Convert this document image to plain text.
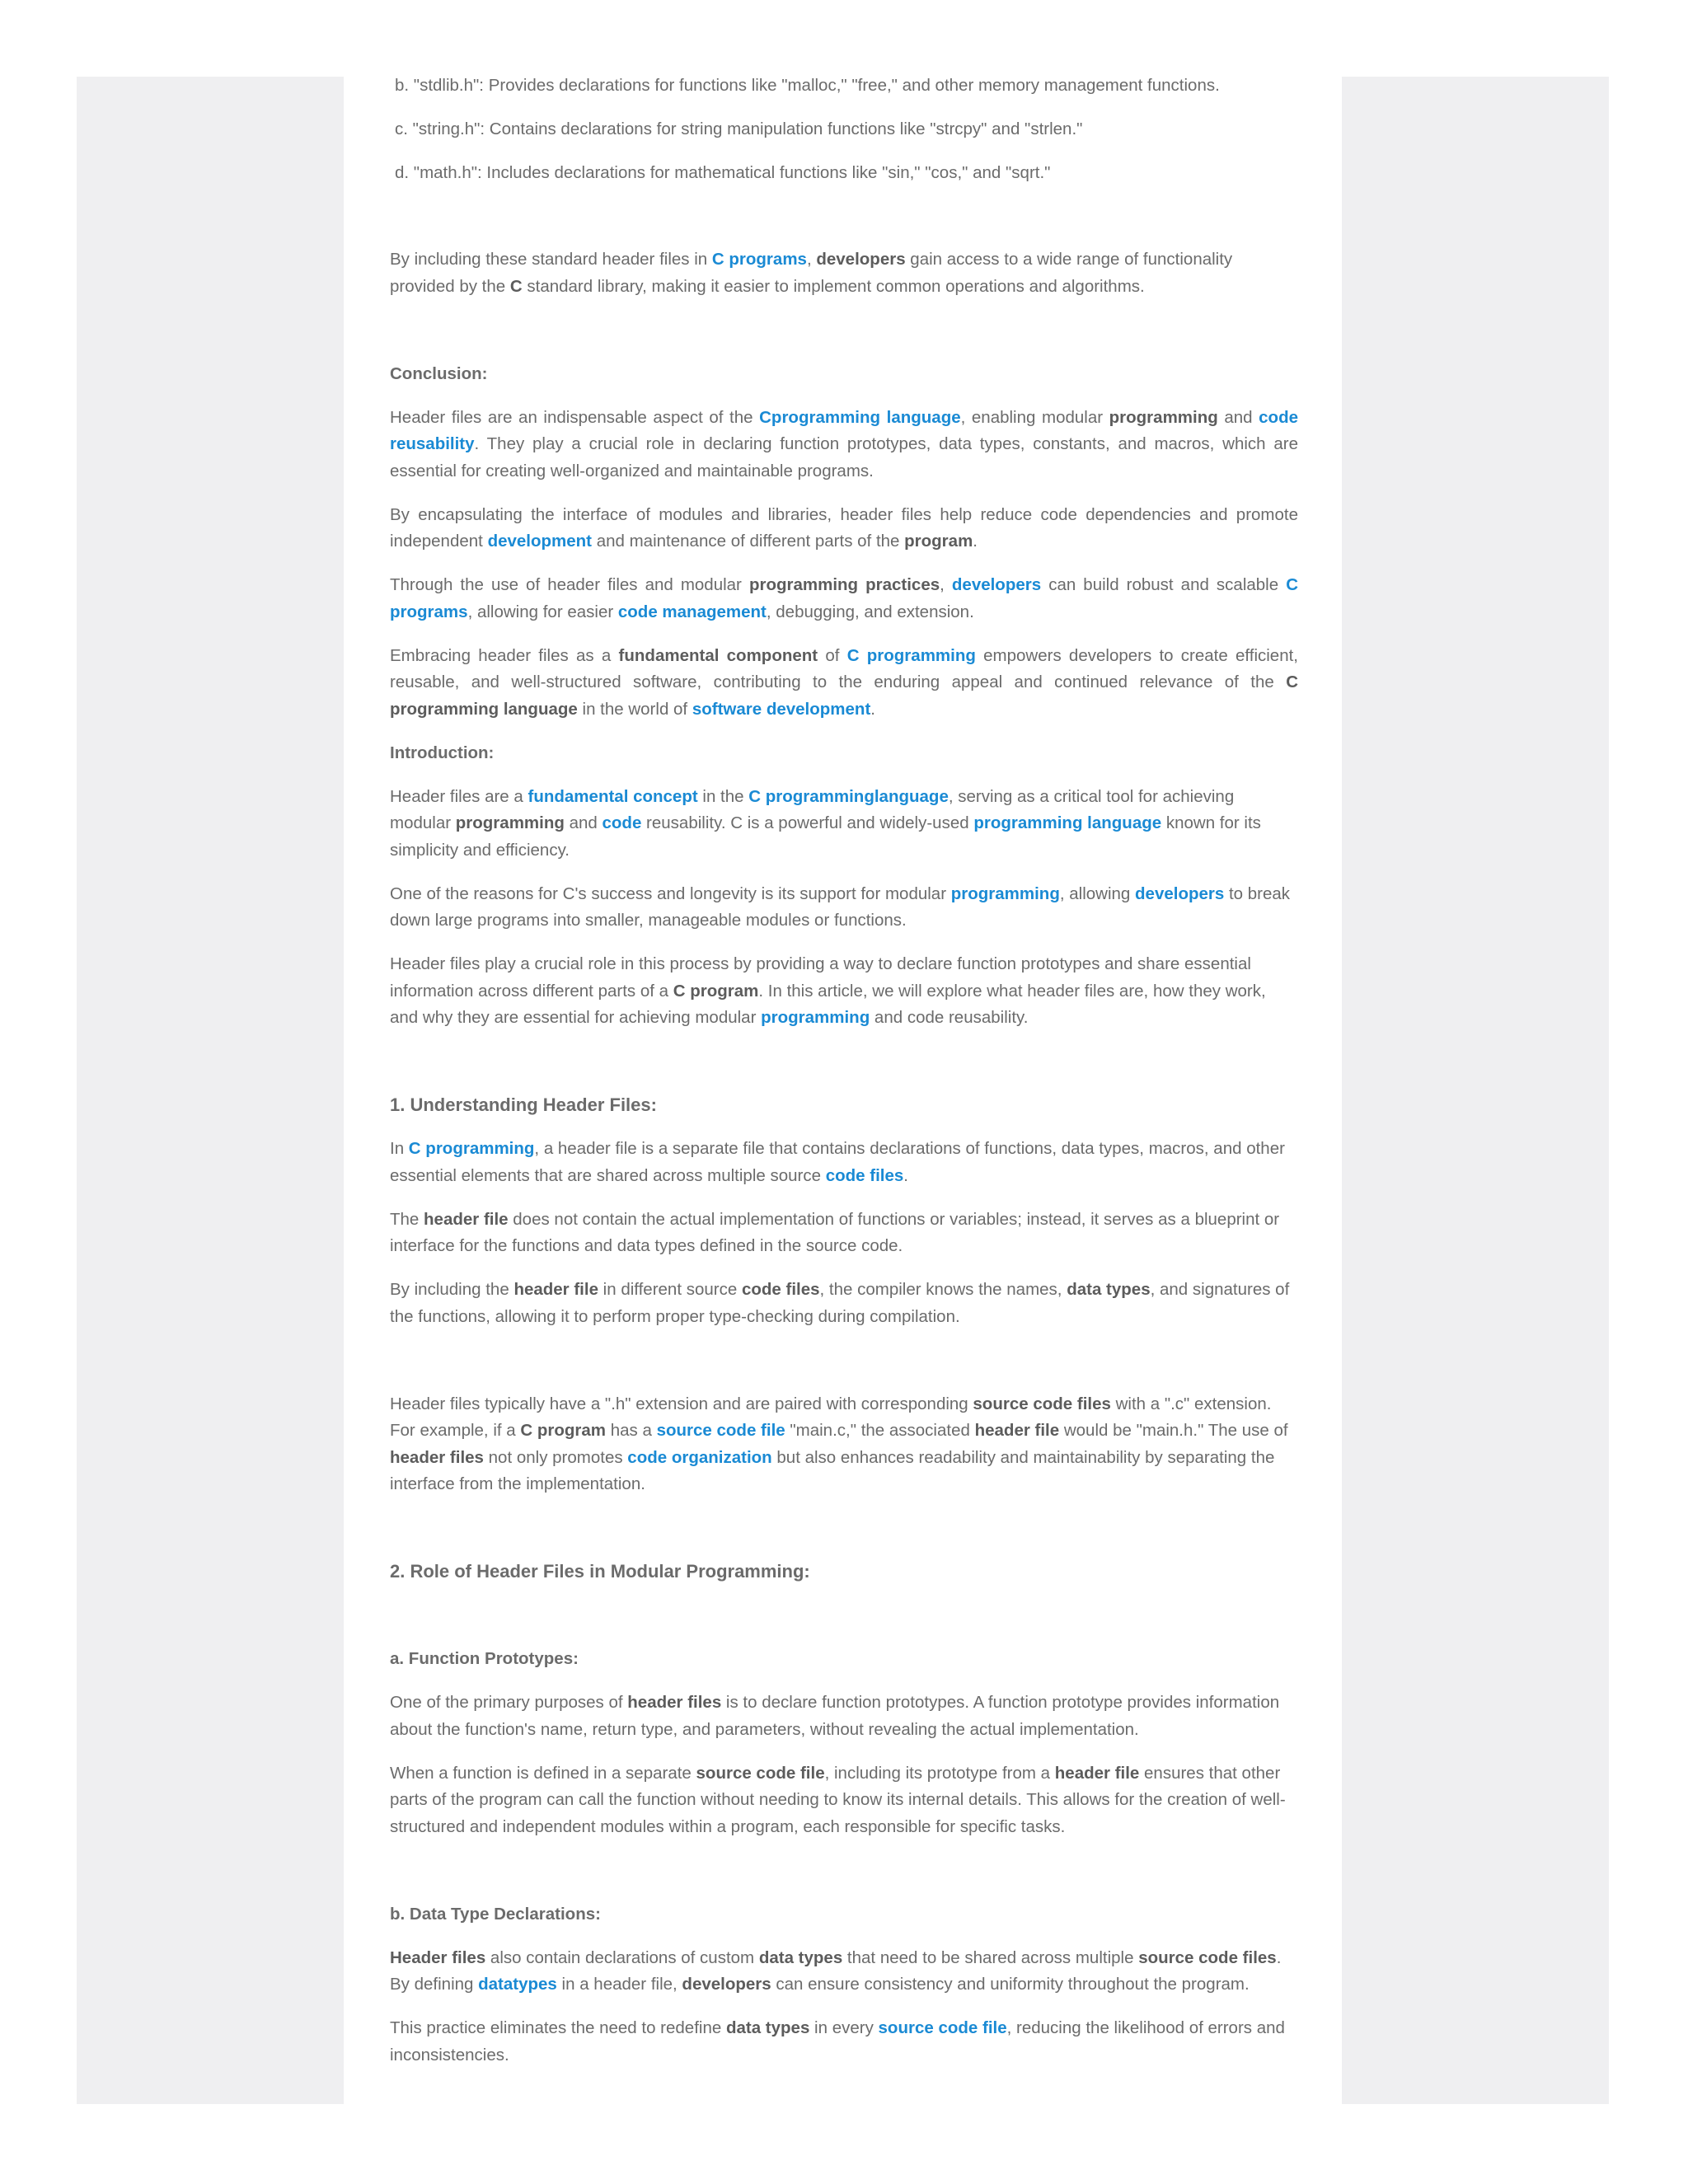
b. "stdlib.h": Provides declarations for functions like "malloc," "free," and other memory management functions.

c. "string.h": Contains declarations for string manipulation functions like "strcpy" and "strlen."

d. "math.h": Includes declarations for mathematical functions like "sin," "cos," and "sqrt."

By including these standard header files in C programs, developers gain access to a wide range of functionality provided by the C standard library, making it easier to implement common operations and algorithms.

Conclusion:

Header files are an indispensable aspect of the Cprogramming language, enabling modular programming and code reusability. They play a crucial role in declaring function prototypes, data types, constants, and macros, which are essential for creating well-organized and maintainable programs.

By encapsulating the interface of modules and libraries, header files help reduce code dependencies and promote independent development and maintenance of different parts of the program.

Through the use of header files and modular programming practices, developers can build robust and scalable C programs, allowing for easier code management, debugging, and extension.

Embracing header files as a fundamental component of C programming empowers developers to create efficient, reusable, and well-structured software, contributing to the enduring appeal and continued relevance of the C programming language in the world of software development.

Introduction:

Header files are a fundamental concept in the C programminglanguage, serving as a critical tool for achieving modular programming and code reusability. C is a powerful and widely-used programming language known for its simplicity and efficiency.

One of the reasons for C's success and longevity is its support for modular programming, allowing developers to break down large programs into smaller, manageable modules or functions.

Header files play a crucial role in this process by providing a way to declare function prototypes and share essential information across different parts of a C program. In this article, we will explore what header files are, how they work, and why they are essential for achieving modular programming and code reusability.

1. Understanding Header Files:

In C programming, a header file is a separate file that contains declarations of functions, data types, macros, and other essential elements that are shared across multiple source code files.

The header file does not contain the actual implementation of functions or variables; instead, it serves as a blueprint or interface for the functions and data types defined in the source code.

By including the header file in different source code files, the compiler knows the names, data types, and signatures of the functions, allowing it to perform proper type-checking during compilation.

Header files typically have a ".h" extension and are paired with corresponding source code files with a ".c" extension. For example, if a C program has a source code file "main.c," the associated header file would be "main.h." The use of header files not only promotes code organization but also enhances readability and maintainability by separating the interface from the implementation.

2. Role of Header Files in Modular Programming:

a. Function Prototypes:

One of the primary purposes of header files is to declare function prototypes. A function prototype provides information about the function's name, return type, and parameters, without revealing the actual implementation.

When a function is defined in a separate source code file, including its prototype from a header file ensures that other parts of the program can call the function without needing to know its internal details. This allows for the creation of well-structured and independent modules within a program, each responsible for specific tasks.

b. Data Type Declarations:

Header files also contain declarations of custom data types that need to be shared across multiple source code files. By defining datatypes in a header file, developers can ensure consistency and uniformity throughout the program.

This practice eliminates the need to redefine data types in every source code file, reducing the likelihood of errors and inconsistencies.
